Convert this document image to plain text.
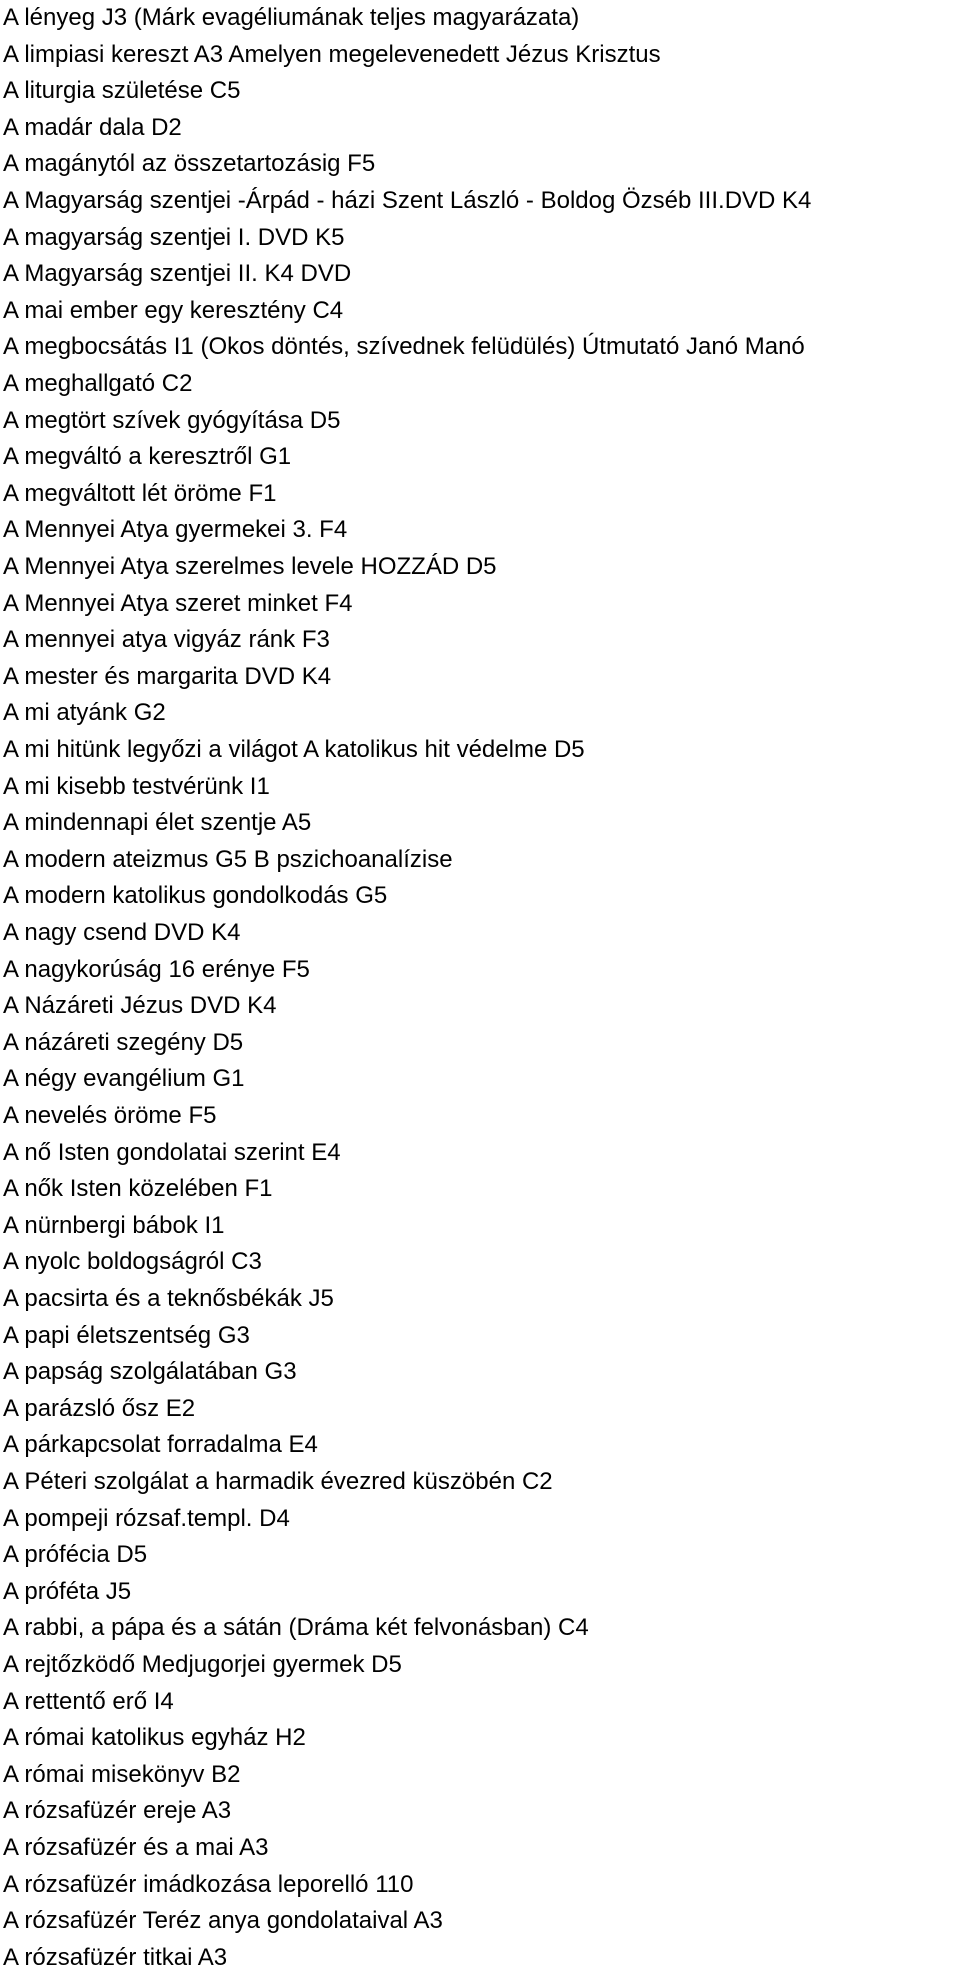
A lényeg J3 (Márk evagéliumának teljes magyarázata)
A limpiasi kereszt A3 Amelyen megelevenedett Jézus Krisztus
A liturgia születése C5
A madár dala D2
A magánytól az összetartozásig F5
A Magyarság szentjei -Árpád - házi Szent László - Boldog Özséb III.DVD K4
A magyarság szentjei I. DVD K5
A Magyarság szentjei II. K4 DVD
A mai ember egy keresztény C4
A megbocsátás I1 (Okos döntés, szívednek felüdülés) Útmutató Janó Manó
A meghallgató C2
A megtört szívek gyógyítása D5
A megváltó a keresztről G1
A megváltott lét öröme F1
A Mennyei Atya gyermekei 3. F4
A Mennyei Atya szerelmes levele HOZZÁD D5
A Mennyei Atya szeret minket F4
A mennyei atya vigyáz ránk F3
A mester és margarita DVD K4
A mi atyánk G2
A mi hitünk legyőzi a világot A katolikus hit védelme D5
A mi kisebb testvérünk I1
A mindennapi élet szentje A5
A modern ateizmus G5 B pszichoanalízise
A modern katolikus gondolkodás G5
A nagy csend DVD K4
A nagykorúság 16 erénye F5
A Názáreti Jézus DVD K4
A názáreti szegény D5
A négy evangélium G1
A nevelés öröme F5
A nő Isten gondolatai szerint E4
A nők Isten közelében F1
A nürnbergi bábok I1
A nyolc boldogságról C3
A pacsirta és a teknősbékák J5
A papi életszentség G3
A papság szolgálatában G3
A parázsló ősz E2
A párkapcsolat forradalma E4
A Péteri szolgálat a harmadik évezred küszöbén C2
A pompeji rózsaf.templ. D4
A prófécia D5
A próféta J5
A rabbi, a pápa és a sátán (Dráma két felvonásban) C4
A rejtőzködő Medjugorjei gyermek D5
A rettentő erő I4
A római katolikus egyház H2
A római misekönyv B2
A rózsafüzér ereje A3
A rózsafüzér és a mai A3
A rózsafüzér imádkozása leporelló 110
A rózsafüzér Teréz anya gondolataival A3
A rózsafüzér titkai A3
